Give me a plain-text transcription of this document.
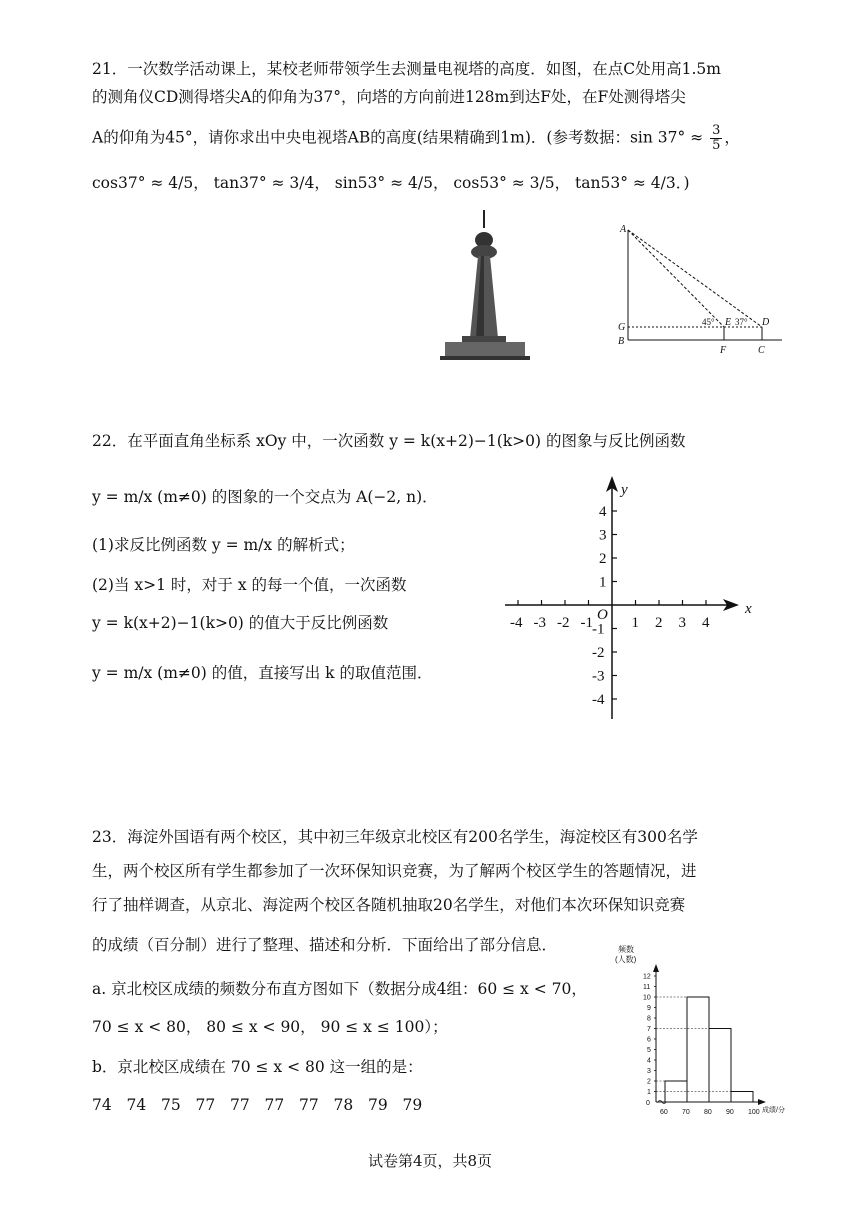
21．一次数学活动课上，某校老师带领学生去测量电视塔的高度．如图，在点C处用高1.5m
的测角仪CD测得塔尖A的仰角为37°，向塔的方向前进128m到达F处，在F处测得塔尖
A的仰角为45°，请你求出中央电视塔AB的高度(结果精确到1m)．(参考数据：$\sin 37^\circ \approx \frac{3}{5}$ ，
cos37° ≈ 4/5， tan37° ≈ 3/4， sin53° ≈ 4/5， cos53° ≈ 3/5， tan53° ≈ 4/3．)
A
G
B
F	C
E	D
45° 37°
22．在平面直角坐标系 xOy 中，一次函数 y = k(x+2)−1(k>0) 的图象与反比例函数
y = m/x (m≠0) 的图象的一个交点为 A(−2, n)．
(1)求反比例函数 y = m/x 的解析式；
(2)当 x>1 时，对于 x 的每一个值，一次函数
y = k(x+2)−1(k>0) 的值大于反比例函数
y = m/x (m≠0) 的值，直接写出 k 的取值范围．
x
y
O
-4 -3 -2 -1	1 2 3 4
4
3
2
1
-1
-2
-3
-4
23．海淀外国语有两个校区，其中初三年级京北校区有200名学生，海淀校区有300名学
生，两个校区所有学生都参加了一次环保知识竞赛，为了解两个校区学生的答题情况，进
行了抽样调查，从京北、海淀两个校区各随机抽取20名学生，对他们本次环保知识竞赛
的成绩（百分制）进行了整理、描述和分析．下面给出了部分信息．
a. 京北校区成绩的频数分布直方图如下（数据分成4组：60 ≤ x < 70，
70 ≤ x < 80， 80 ≤ x < 90， 90 ≤ x ≤ 100）；
b．京北校区成绩在 70 ≤ x < 80 这一组的是：
74 74 75 77 77 77 77 78 79 79
频数
(人数)
成绩/分
0
1
2
3
4
5
6
7
8
9
10
11
12
60 70 80 90 100
试卷第4页，共8页
